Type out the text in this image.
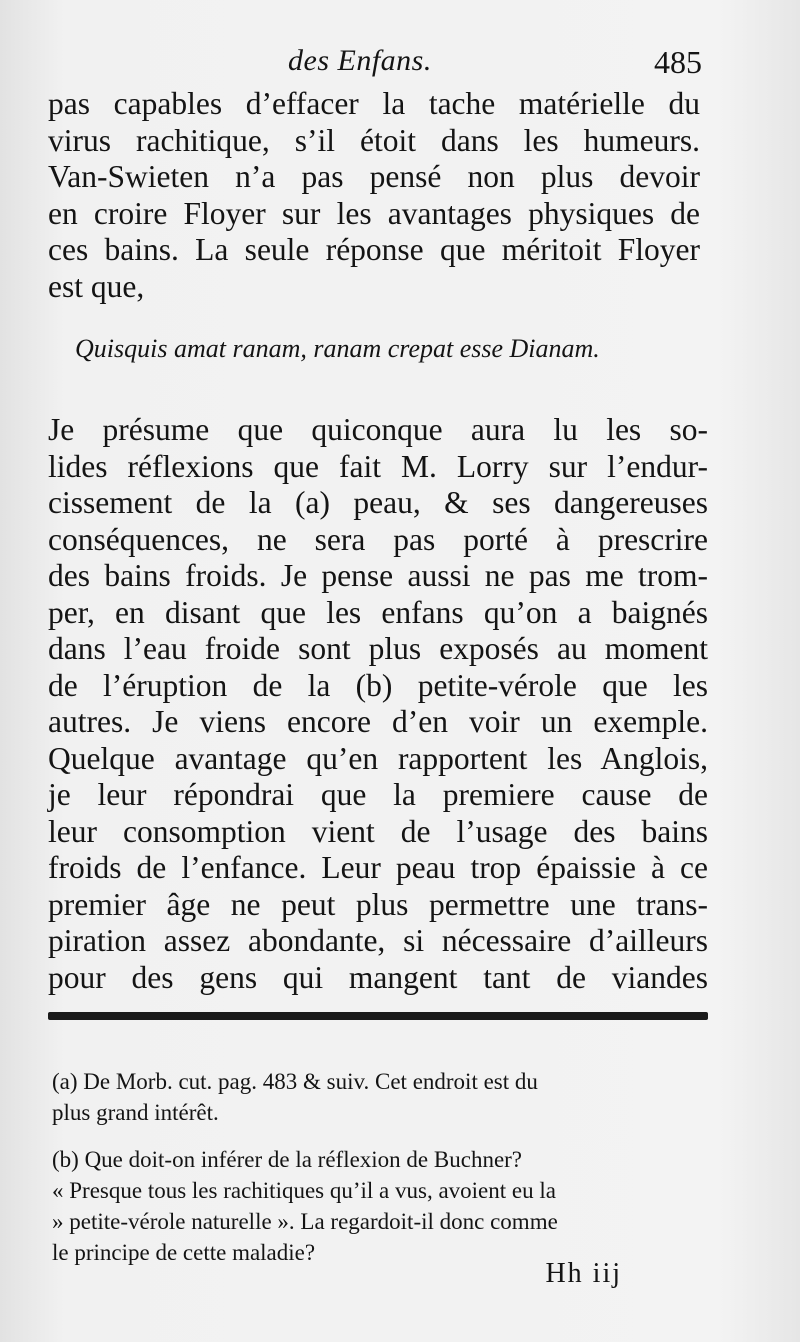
des Enfans.	485
pas capables d’effacer la tache matérielle du
virus rachitique, s’il étoit dans les humeurs.
Van-Swieten n’a pas pensé non plus devoir
en croire Floyer sur les avantages physiques de
ces bains. La seule réponse que méritoit Floyer
est que,
Quisquis amat ranam, ranam crepat esse Dianam.
Je présume que quiconque aura lu les so-
lides réflexions que fait M. Lorry sur l’endur-
cissement de la (a) peau, & ses dangereuses
conséquences, ne sera pas porté à prescrire
des bains froids. Je pense aussi ne pas me trom-
per, en disant que les enfans qu’on a baignés
dans l’eau froide sont plus exposés au moment
de l’éruption de la (b) petite-vérole que les
autres. Je viens encore d’en voir un exemple.
Quelque avantage qu’en rapportent les Anglois,
je leur répondrai que la premiere cause de
leur consomption vient de l’usage des bains
froids de l’enfance. Leur peau trop épaissie à ce
premier âge ne peut plus permettre une trans-
piration assez abondante, si nécessaire d’ailleurs
pour des gens qui mangent tant de viandes
(a) De Morb. cut. pag. 483 & suiv. Cet endroit est du
plus grand intérêt.
(b) Que doit-on inférer de la réflexion de Buchner?
« Presque tous les rachitiques qu’il a vus, avoient eu la
» petite-vérole naturelle ». La regardoit-il donc comme
le principe de cette maladie?
Hh iij
